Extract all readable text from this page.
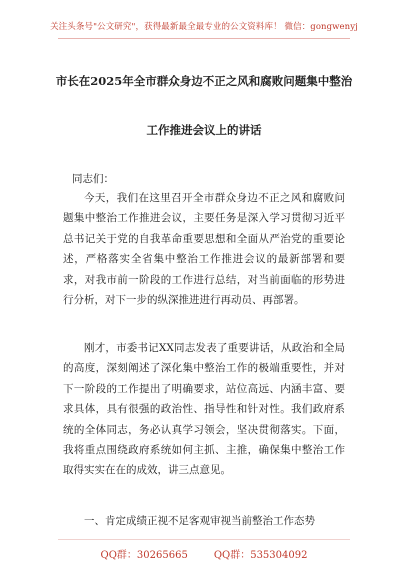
关注头条号"公文研究"，获得最新最全最专业的公文资料库！ 微信：gongwenyj
市长在2025年全市群众身边不正之风和腐败问题集中整治
工作推进会议上的讲话
同志们：
今天，我们在这里召开全市群众身边不正之风和腐败问题集中整治工作推进会议，主要任务是深入学习贯彻习近平总书记关于党的自我革命重要思想和全面从严治党的重要论述，严格落实全省集中整治工作推进会议的最新部署和要求，对我市前一阶段的工作进行总结，对当前面临的形势进行分析，对下一步的纵深推进进行再动员、再部署。
刚才，市委书记XX同志发表了重要讲话，从政治和全局的高度，深刻阐述了深化集中整治工作的极端重要性，并对下一阶段的工作提出了明确要求，站位高远、内涵丰富、要求具体，具有很强的政治性、指导性和针对性。我们政府系统的全体同志，务必认真学习领会，坚决贯彻落实。下面，我将重点围绕政府系统如何主抓、主推，确保集中整治工作取得实实在在的成效，讲三点意见。
一、肯定成绩正视不足客观审视当前整治工作态势
QQ群：30265665	QQ群：535304092
